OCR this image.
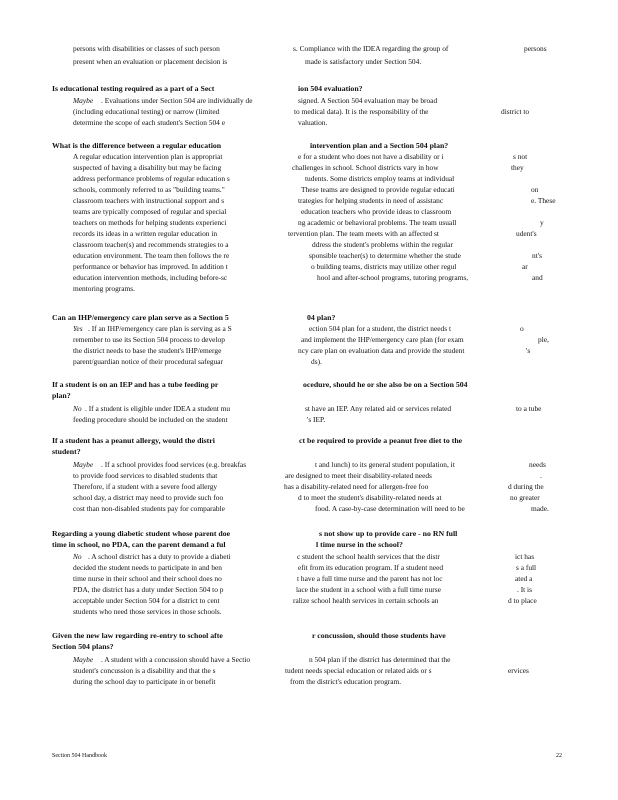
persons with disabilities or classes of such person	s. Compliance with the IDEA regarding the group of	persons
present when an evaluation or placement decision is	made is satisfactory under Section 504.
Is educational testing required as a part of a Sect	ion 504 evaluation?
Maybe . Evaluations under Section 504 are individually de	signed. A Section 504 evaluation may be broad
(including educational testing) or narrow (limited	to medical data). It is the responsibility of the	district to
determine the scope of each student's Section 504 e	valuation.
What is the difference between a regular education	intervention plan and a Section 504 plan?
A regular education intervention plan is appropriat	e for a student who does not have a disability or i	s not
suspected of having a disability but may be facing	challenges in school. School districts vary in how	they
address performance problems of regular education s	tudents. Some districts employ teams at individual
schools, commonly referred to as "building teams."	These teams are designed to provide regular educati	on
classroom teachers with instructional support and s	trategies for helping students in need of assistanc	e. These
teams are typically composed of regular and special	education teachers who provide ideas to classroom
teachers on methods for helping students experienci	ng academic or behavioral problems. The team usuall	y
records its ideas in a written regular education in	tervention plan. The team meets with an affected st	udent's
classroom teacher(s) and recommends strategies to a	ddress the student's problems within the regular
education environment. The team then follows the re	sponsible teacher(s) to determine whether the stude	nt's
performance or behavior has improved. In addition t	o building teams, districts may utilize other regul	ar
education intervention methods, including before-sc	hool and after-school programs, tutoring programs,	and
mentoring programs.
Can an IHP/emergency care plan serve as a Section 5	04 plan?
Yes . If an IHP/emergency care plan is serving as a S	ection 504 plan for a student, the district needs t	o
remember to use its Section 504 process to develop	and implement the IHP/emergency care plan (for exam	ple,
the district needs to base the student's IHP/emerge	ncy care plan on evaluation data and provide the student	's
parent/guardian notice of their procedural safeguar	ds).
If a student is on an IEP and has a tube feeding pr	ocedure, should he or she also be on a Section 504
plan?
No . If a student is eligible under IDEA a student mu	st have an IEP. Any related aid or services related	to a tube
feeding procedure should be included on the student	's IEP.
If a student has a peanut allergy, would the distri	ct be required to provide a peanut free diet to the
student?
Maybe . If a school provides food services (e.g. breakfas	t and lunch) to its general student population, it	needs
to provide food services to disabled students that	are designed to meet their disability-related needs	.
Therefore, if a student with a severe food allergy	has a disability-related need for allergen-free foo	d during the
school day, a district may need to provide such foo	d to meet the student's disability-related needs at	no greater
cost than non-disabled students pay for comparable	food. A case-by-case determination will need to be	made.
Regarding a young diabetic student whose parent doe	s not show up to provide care - no RN full
time in school, no PDA, can the parent demand a ful	l time nurse in the school?
No . A school district has a duty to provide a diabeti	c student the school health services that the distr	ict has
decided the student needs to participate in and ben	efit from its education program. If a student need	s a full
time nurse in their school and their school does no	t have a full time nurse and the parent has not loc	ated a
PDA, the district has a duty under Section 504 to p	lace the student in a school with a full time nurse	. It is
acceptable under Section 504 for a district to cent	ralize school health services in certain schools an	d to place
students who need those services in those schools.
Given the new law regarding re-entry to school afte	r concussion, should those students have
Section 504 plans?
Maybe . A student with a concussion should have a Sectio	n 504 plan if the district has determined that the
student's concussion is a disability and that the s	tudent needs special education or related aids or s	ervices
during the school day to participate in or benefit	from the district's education program.
Section 504 Handbook	22
